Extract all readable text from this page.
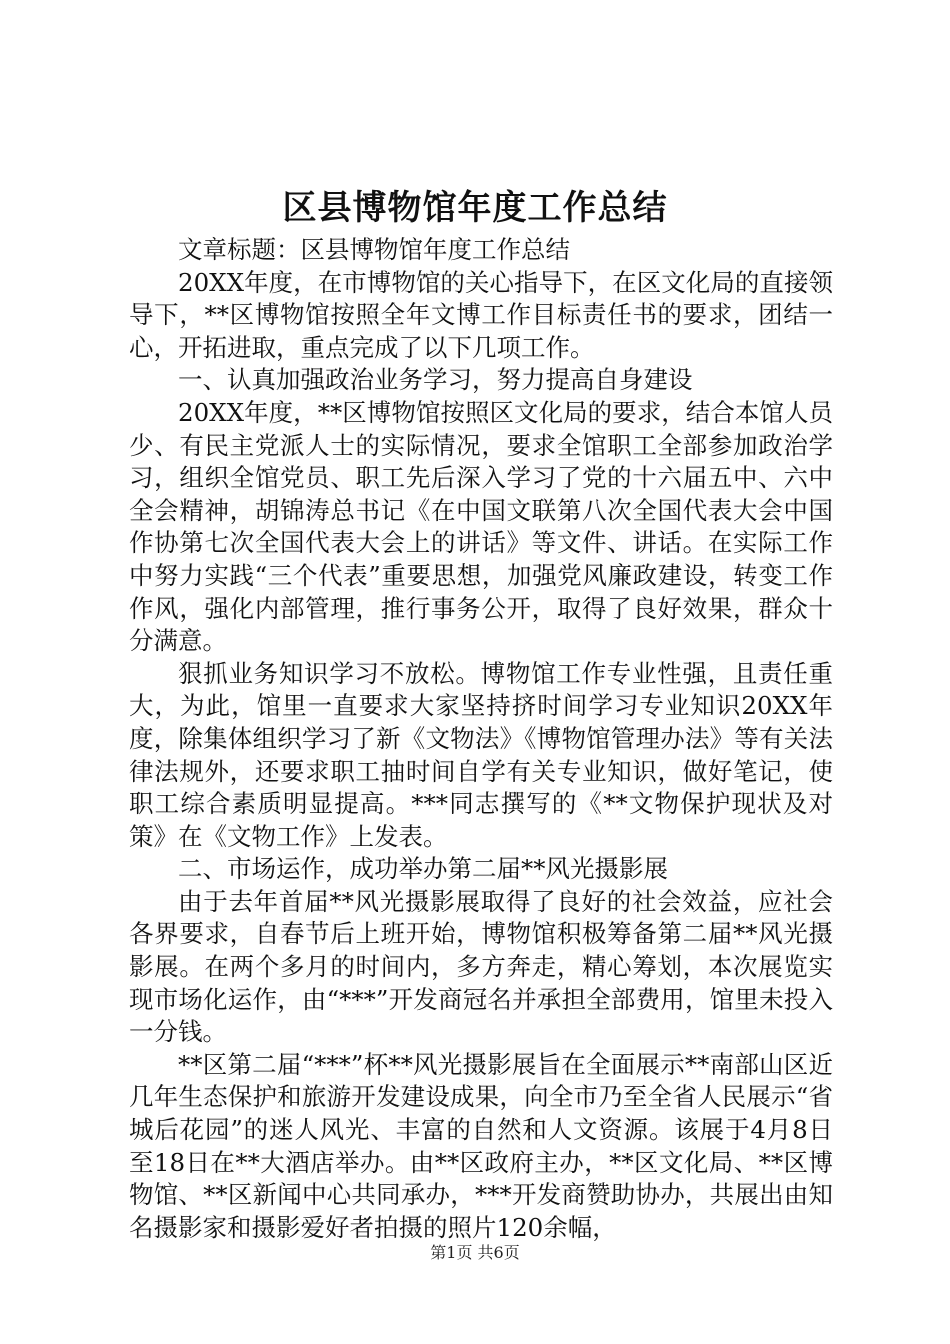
区县博物馆年度工作总结

文章标题：区县博物馆年度工作总结

20XX年度，在市博物馆的关心指导下，在区文化局的直接领导下，**区博物馆按照全年文博工作目标责任书的要求，团结一心，开拓进取，重点完成了以下几项工作。

一、认真加强政治业务学习，努力提高自身建设

20XX年度，**区博物馆按照区文化局的要求，结合本馆人员少、有民主党派人士的实际情况，要求全馆职工全部参加政治学习，组织全馆党员、职工先后深入学习了党的十六届五中、六中全会精神，胡锦涛总书记《在中国文联第八次全国代表大会中国作协第七次全国代表大会上的讲话》等文件、讲话。在实际工作中努力实践“三个代表”重要思想，加强党风廉政建设，转变工作作风，强化内部管理，推行事务公开，取得了良好效果，群众十分满意。

狠抓业务知识学习不放松。博物馆工作专业性强，且责任重大，为此，馆里一直要求大家坚持挤时间学习专业知识20XX年度，除集体组织学习了新《文物法》《博物馆管理办法》等有关法律法规外，还要求职工抽时间自学有关专业知识，做好笔记，使职工综合素质明显提高。***同志撰写的《**文物保护现状及对策》在《文物工作》上发表。

二、市场运作，成功举办第二届**风光摄影展

由于去年首届**风光摄影展取得了良好的社会效益，应社会各界要求，自春节后上班开始，博物馆积极筹备第二届**风光摄影展。在两个多月的时间内，多方奔走，精心筹划，本次展览实现市场化运作，由“***”开发商冠名并承担全部费用，馆里未投入一分钱。

**区第二届“***”杯**风光摄影展旨在全面展示**南部山区近几年生态保护和旅游开发建设成果，向全市乃至全省人民展示“省城后花园”的迷人风光、丰富的自然和人文资源。该展于4月8日至18日在**大酒店举办。由**区政府主办，**区文化局、**区博物馆、**区新闻中心共同承办，***开发商赞助协办，共展出由知名摄影家和摄影爱好者拍摄的照片120余幅，

第1页 共6页
